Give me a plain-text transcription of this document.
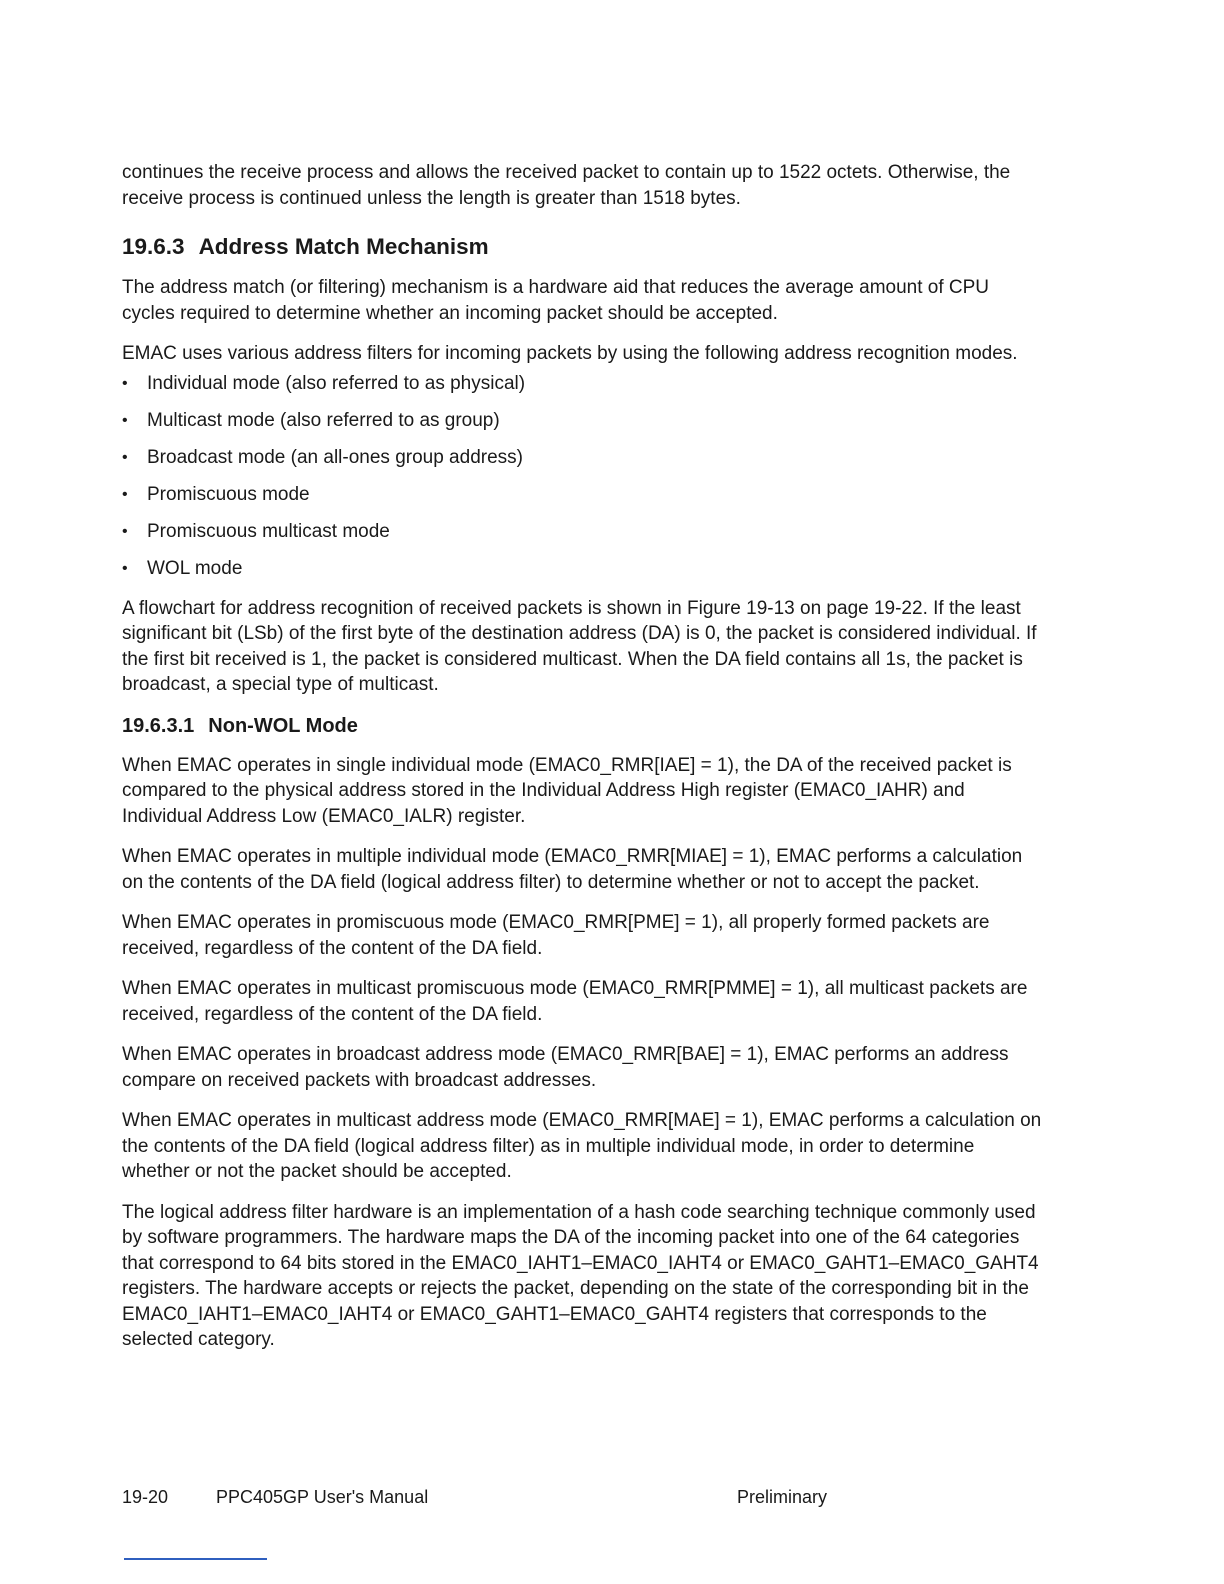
continues the receive process and allows the received packet to contain up to 1522 octets. Otherwise, the receive process is continued unless the length is greater than 1518 bytes.

19.6.3 Address Match Mechanism

The address match (or filtering) mechanism is a hardware aid that reduces the average amount of CPU cycles required to determine whether an incoming packet should be accepted.

EMAC uses various address filters for incoming packets by using the following address recognition modes.

•	Individual mode (also referred to as physical)
•	Multicast mode (also referred to as group)
•	Broadcast mode (an all-ones group address)
•	Promiscuous mode
•	Promiscuous multicast mode
•	WOL mode

A flowchart for address recognition of received packets is shown in Figure 19-13 on page 19-22. If the least significant bit (LSb) of the first byte of the destination address (DA) is 0, the packet is considered individual. If the first bit received is 1, the packet is considered multicast. When the DA field contains all 1s, the packet is broadcast, a special type of multicast.

19.6.3.1 Non-WOL Mode

When EMAC operates in single individual mode (EMAC0_RMR[IAE] = 1), the DA of the received packet is compared to the physical address stored in the Individual Address High register (EMAC0_IAHR) and Individual Address Low (EMAC0_IALR) register.

When EMAC operates in multiple individual mode (EMAC0_RMR[MIAE] = 1), EMAC performs a calculation on the contents of the DA field (logical address filter) to determine whether or not to accept the packet.

When EMAC operates in promiscuous mode (EMAC0_RMR[PME] = 1), all properly formed packets are received, regardless of the content of the DA field.

When EMAC operates in multicast promiscuous mode (EMAC0_RMR[PMME] = 1), all multicast packets are received, regardless of the content of the DA field.

When EMAC operates in broadcast address mode (EMAC0_RMR[BAE] = 1), EMAC performs an address compare on received packets with broadcast addresses.

When EMAC operates in multicast address mode (EMAC0_RMR[MAE] = 1), EMAC performs a calculation on the contents of the DA field (logical address filter) as in multiple individual mode, in order to determine whether or not the packet should be accepted.

The logical address filter hardware is an implementation of a hash code searching technique commonly used by software programmers. The hardware maps the DA of the incoming packet into one of the 64 categories that correspond to 64 bits stored in the EMAC0_IAHT1–EMAC0_IAHT4 or EMAC0_GAHT1–EMAC0_GAHT4 registers. The hardware accepts or rejects the packet, depending on the state of the corresponding bit in the EMAC0_IAHT1–EMAC0_IAHT4 or EMAC0_GAHT1–EMAC0_GAHT4 registers that corresponds to the selected category.

19-20	PPC405GP User's Manual	Preliminary
